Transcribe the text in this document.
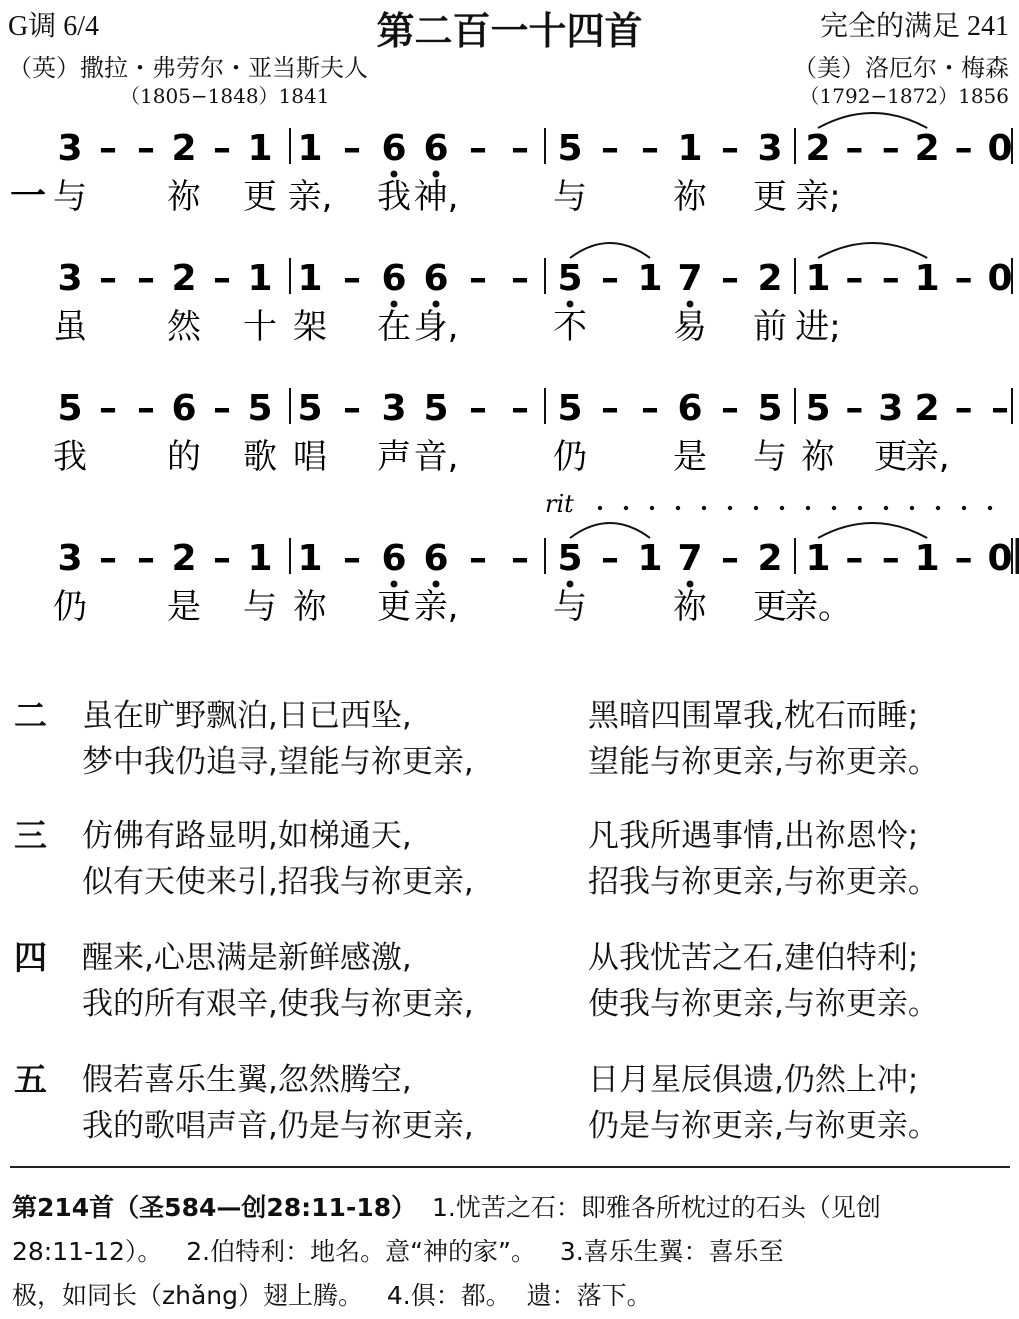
G调 6/4	第二百一十四首	完全的满足 241
（英）撒拉・弗劳尔・亚当斯夫人	（美）洛厄尔・梅森
（1805−1848）1841	（1792−1872）1856
3 – – 2 – 1 1 – 6 6 – – 5 – – 1 – 3 2 – – 2 – 0
与 祢 更 亲, 我 神,	与	祢 更 亲;
3 – – 2 – 1 1 – 6 6 – – 5 – 1 7 – 2 1 – – 1 – 0
虽 然 十 架 在 身,	不	易 前 进;
5 – – 6 – 5 5 – 3 5 – – 5 – – 6 – 5 5 – 3 2 – –
我 的 歌 唱 声 音,	仍	是 与 祢 更
亲,
3 – – 2 – 1 1 – 6 6 – – 5 – 1 7 – 2 1 – – 1 – 0
仍 是 与 祢 更 亲,	与	祢 更
亲。
一
rit
二 虽在旷野飘泊,日已西坠,	黑暗四围罩我,枕石而睡;
梦中我仍追寻,望能与祢更亲,	望能与祢更亲,与祢更亲。
三 仿佛有路显明,如梯通天,	凡我所遇事情,出祢恩怜;
似有天使来引,招我与祢更亲,	招我与祢更亲,与祢更亲。
四 醒来,心思满是新鲜感激,	从我忧苦之石,建伯特利;
我的所有艰辛,使我与祢更亲,	使我与祢更亲,与祢更亲。
五 假若喜乐生翼,忽然腾空,	日月星辰俱遗,仍然上冲;
我的歌唱声音,仍是与祢更亲,	仍是与祢更亲,与祢更亲。
第214首（圣584—创28:11-18） 1.忧苦之石：即雅各所枕过的石头（见创
28:11-12）。   2.伯特利：地名。意“神的家”。   3.喜乐生翼：喜乐至
极，如同长（zhǎng）翅上腾。   4.俱：都。  遗：落下。
